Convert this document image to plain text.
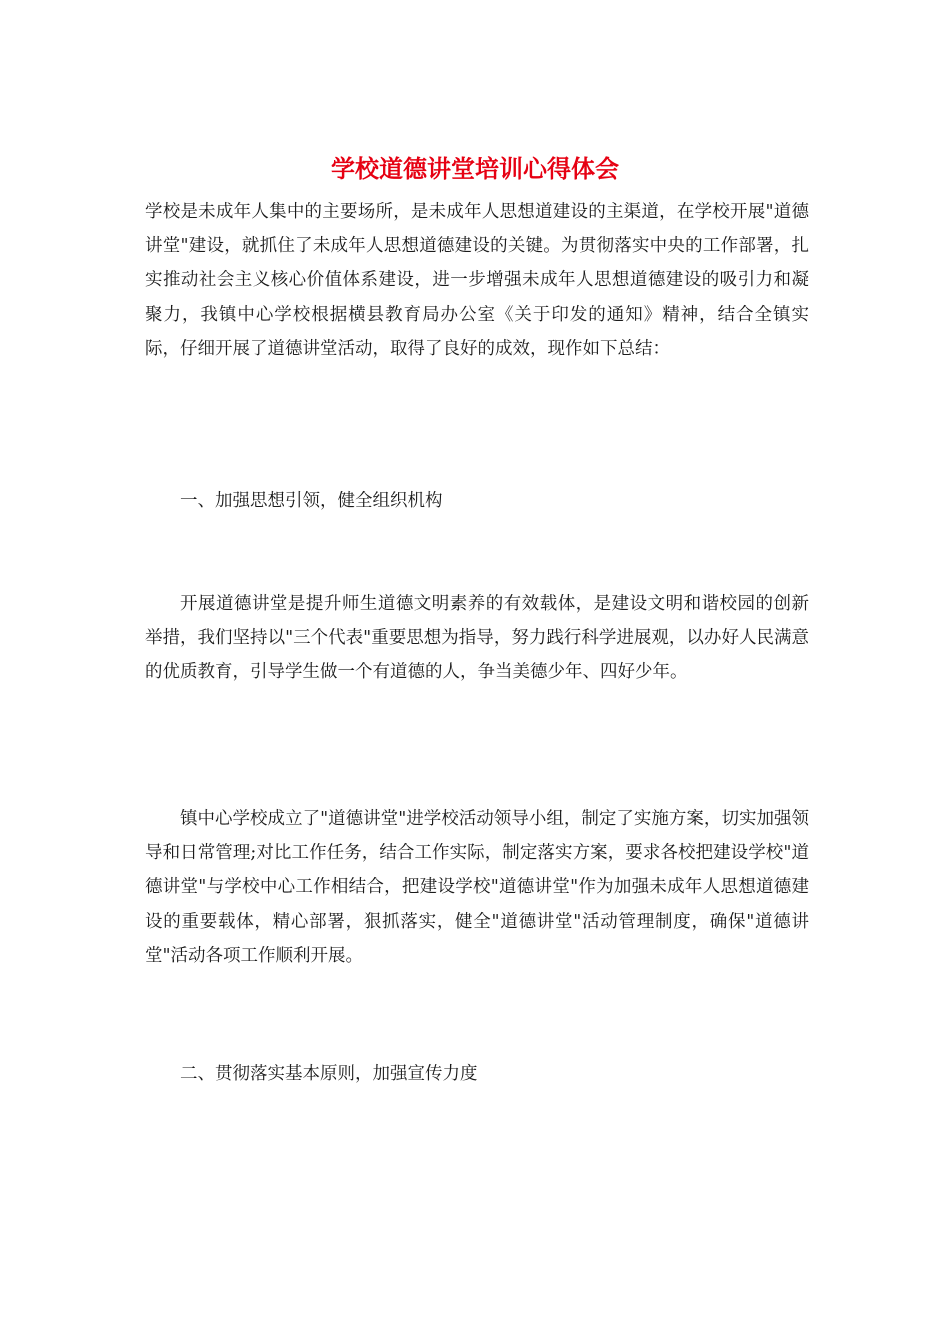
学校道德讲堂培训心得体会

学校是未成年人集中的主要场所，是未成年人思想道建设的主渠道，在学校开展"道德讲堂"建设，就抓住了未成年人思想道德建设的关键。为贯彻落实中央的工作部署，扎实推动社会主义核心价值体系建设，进一步增强未成年人思想道德建设的吸引力和凝聚力，我镇中心学校根据横县教育局办公室《关于印发的通知》精神，结合全镇实际，仔细开展了道德讲堂活动，取得了良好的成效，现作如下总结：

一、加强思想引领，健全组织机构

开展道德讲堂是提升师生道德文明素养的有效载体，是建设文明和谐校园的创新举措，我们坚持以"三个代表"重要思想为指导，努力践行科学进展观，以办好人民满意的优质教育，引导学生做一个有道德的人，争当美德少年、四好少年。

镇中心学校成立了"道德讲堂"进学校活动领导小组，制定了实施方案，切实加强领导和日常管理;对比工作任务，结合工作实际，制定落实方案，要求各校把建设学校"道德讲堂"与学校中心工作相结合，把建设学校"道德讲堂"作为加强未成年人思想道德建设的重要载体，精心部署，狠抓落实，健全"道德讲堂"活动管理制度，确保"道德讲堂"活动各项工作顺利开展。

二、贯彻落实基本原则，加强宣传力度
